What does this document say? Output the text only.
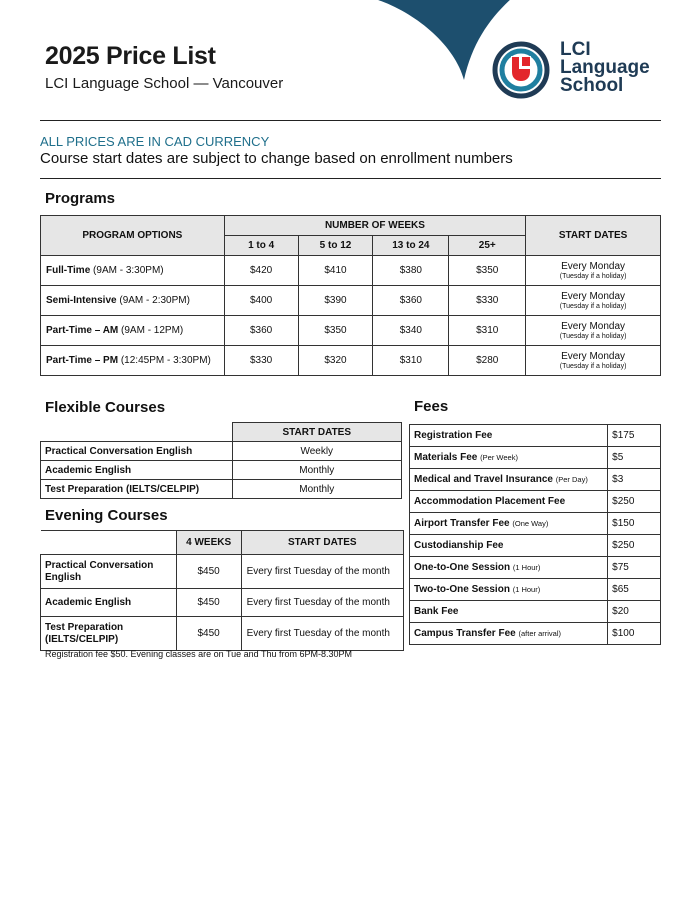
2025 Price List
LCI Language School — Vancouver
LCI
Language
School
ALL PRICES ARE IN CAD CURRENCY
Course start dates are subject to change based on enrollment numbers
Programs
PROGRAM OPTIONS	NUMBER OF WEEKS				START DATES
	1 to 4	5 to 12	13 to 24	25+	
Full-Time (9AM - 3:30PM)	$420	$410	$380	$350	Every Monday
(Tuesday if a holiday)

Semi-Intensive (9AM - 2:30PM)	$400	$390	$360	$330	Every Monday
(Tuesday if a holiday)

Part-Time – AM (9AM - 12PM)	$360	$350	$340	$310	Every Monday
(Tuesday if a holiday)

Part-Time – PM (12:45PM - 3:30PM)	$330	$320	$310	$280	Every Monday
(Tuesday if a holiday)
Flexible Courses
	START DATES
Practical Conversation English	Weekly
Academic English	Monthly
Test Preparation (IELTS/CELPIP)	Monthly
Evening Courses
	4 WEEKS	START DATES
Practical Conversation English	$450	Every first Tuesday of the month
Academic English	$450	Every first Tuesday of the month
Test Preparation (IELTS/CELPIP)	$450	Every first Tuesday of the month
Fees
Registration Fee	$175
Materials Fee (Per Week)	$5
Medical and Travel Insurance (Per Day)	$3
Accommodation Placement Fee	$250
Airport Transfer Fee (One Way)	$150
Custodianship Fee	$250
One-to-One Session (1 Hour)	$75
Two-to-One Session (1 Hour)	$65
Bank Fee	$20
Campus Transfer Fee (after arrival)	$100
Registration fee $50. Evening classes are on Tue and Thu from 6PM-8.30PM
